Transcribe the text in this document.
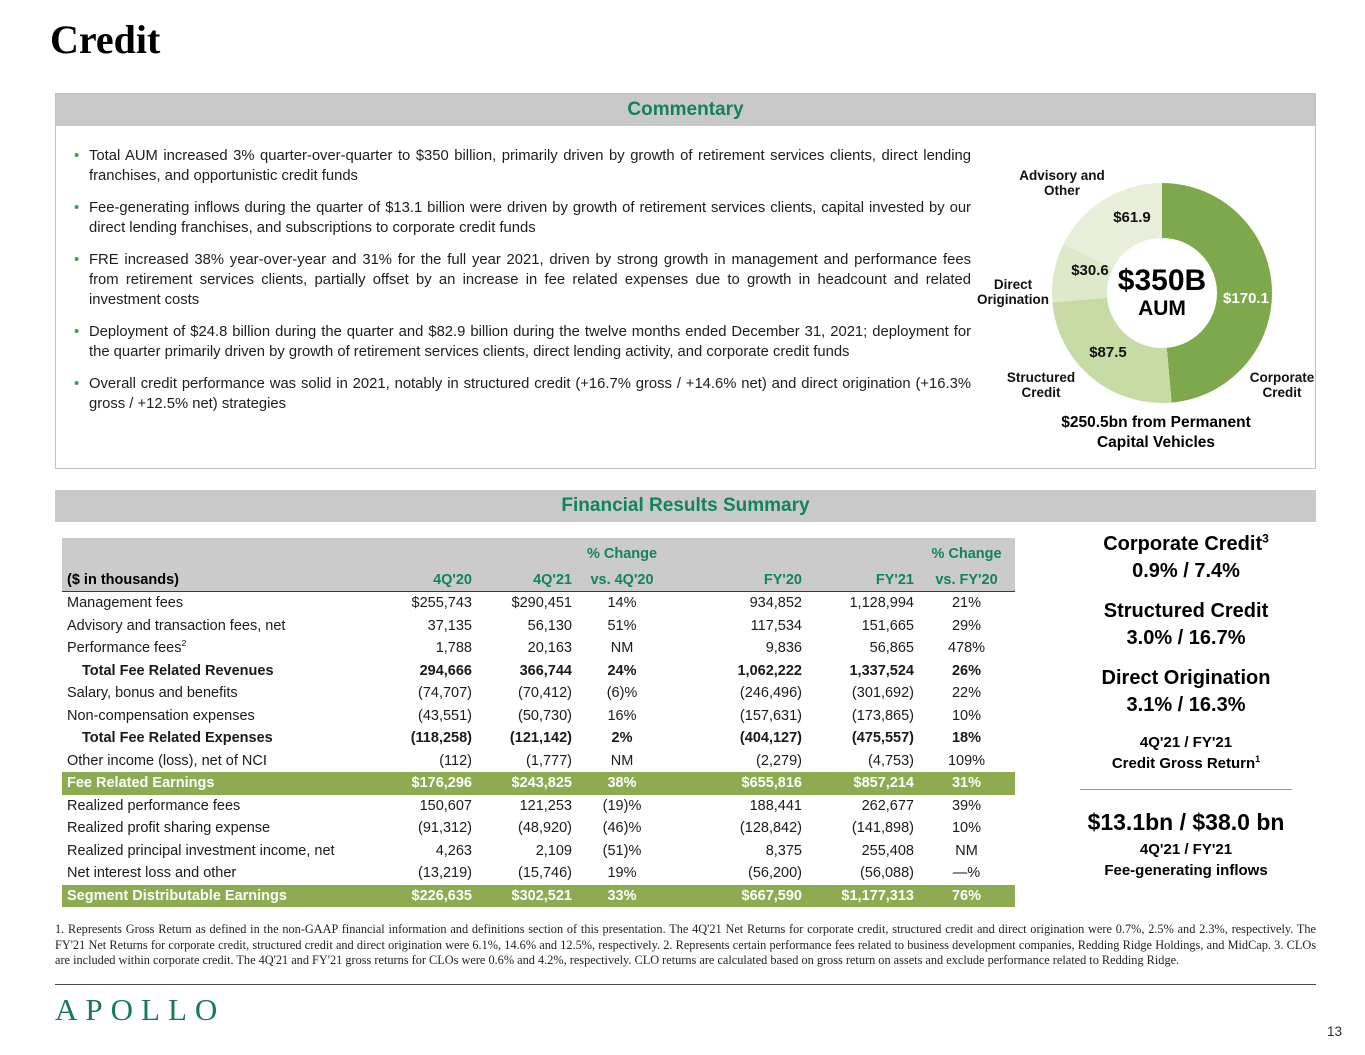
Credit
Commentary
• Total AUM increased 3% quarter-over-quarter to $350 billion, primarily driven by growth of retirement services clients, direct lending franchises, and opportunistic credit funds
• Fee-generating inflows during the quarter of $13.1 billion were driven by growth of retirement services clients, capital invested by our direct lending franchises, and subscriptions to corporate credit funds
• FRE increased 38% year-over-year and 31% for the full year 2021, driven by strong growth in management and performance fees from retirement services clients, partially offset by an increase in fee related expenses due to growth in headcount and related investment costs
• Deployment of $24.8 billion during the quarter and $82.9 billion during the twelve months ended December 31, 2021; deployment for the quarter primarily driven by growth of retirement services clients, direct lending activity, and corporate credit funds
• Overall credit performance was solid in 2021, notably in structured credit (+16.7% gross / +14.6% net) and direct origination (+16.3% gross / +12.5% net) strategies
$350B
AUM
Advisory and Other
$61.9
$30.6
Direct Origination	$170.1
$87.5
Structured Credit
Corporate Credit
$250.5bn from Permanent Capital Vehicles
Financial Results Summary
			% Change			% Change
($ in thousands)	4Q'20	4Q'21	vs. 4Q'20	FY'20	FY'21	vs. FY'20
Management fees	$255,743	$290,451	14%	934,852	1,128,994	21%
Advisory and transaction fees, net	37,135	56,130	51%	117,534	151,665	29%
Performance fees$^2$	1,788	20,163	NM	9,836	56,865	478%
Total Fee Related Revenues	294,666	366,744	24%	1,062,222	1,337,524	26%
Salary, bonus and benefits	(74,707)	(70,412)	(6)%	(246,496)	(301,692)	22%
Non-compensation expenses	(43,551)	(50,730)	16%	(157,631)	(173,865)	10%
Total Fee Related Expenses	(118,258)	(121,142)	2%	(404,127)	(475,557)	18%
Other income (loss), net of NCI	(112)	(1,777)	NM	(2,279)	(4,753)	109%
Fee Related Earnings	$176,296	$243,825	38%	$655,816	$857,214	31%
Realized performance fees	150,607	121,253	(19)%	188,441	262,677	39%
Realized profit sharing expense	(91,312)	(48,920)	(46)%	(128,842)	(141,898)	10%
Realized principal investment income, net	4,263	2,109	(51)%	8,375	255,408	NM
Net interest loss and other	(13,219)	(15,746)	19%	(56,200)	(56,088)	—%
Segment Distributable Earnings	$226,635	$302,521	33%	$667,590	$1,177,313	76%
Corporate Credit$^3$
0.9% / 7.4%
Structured Credit
3.0% / 16.7%
Direct Origination
3.1% / 16.3%
4Q'21 / FY'21
Credit Gross Return$^1$
$13.1bn / $38.0 bn
4Q'21 / FY'21
Fee-generating inflows
1. Represents Gross Return as defined in the non-GAAP financial information and definitions section of this presentation. The 4Q'21 Net Returns for corporate credit, structured credit and direct origination were 0.7%, 2.5% and 2.3%, respectively. The FY'21 Net Returns for corporate credit, structured credit and direct origination were 6.1%, 14.6% and 12.5%, respectively. 2. Represents certain performance fees related to business development companies, Redding Ridge Holdings, and MidCap. 3. CLOs are included within corporate credit. The 4Q'21 and FY'21 gross returns for CLOs were 0.6% and 4.2%, respectively. CLO returns are calculated based on gross return on assets and exclude performance related to Redding Ridge.
APOLLO
13
